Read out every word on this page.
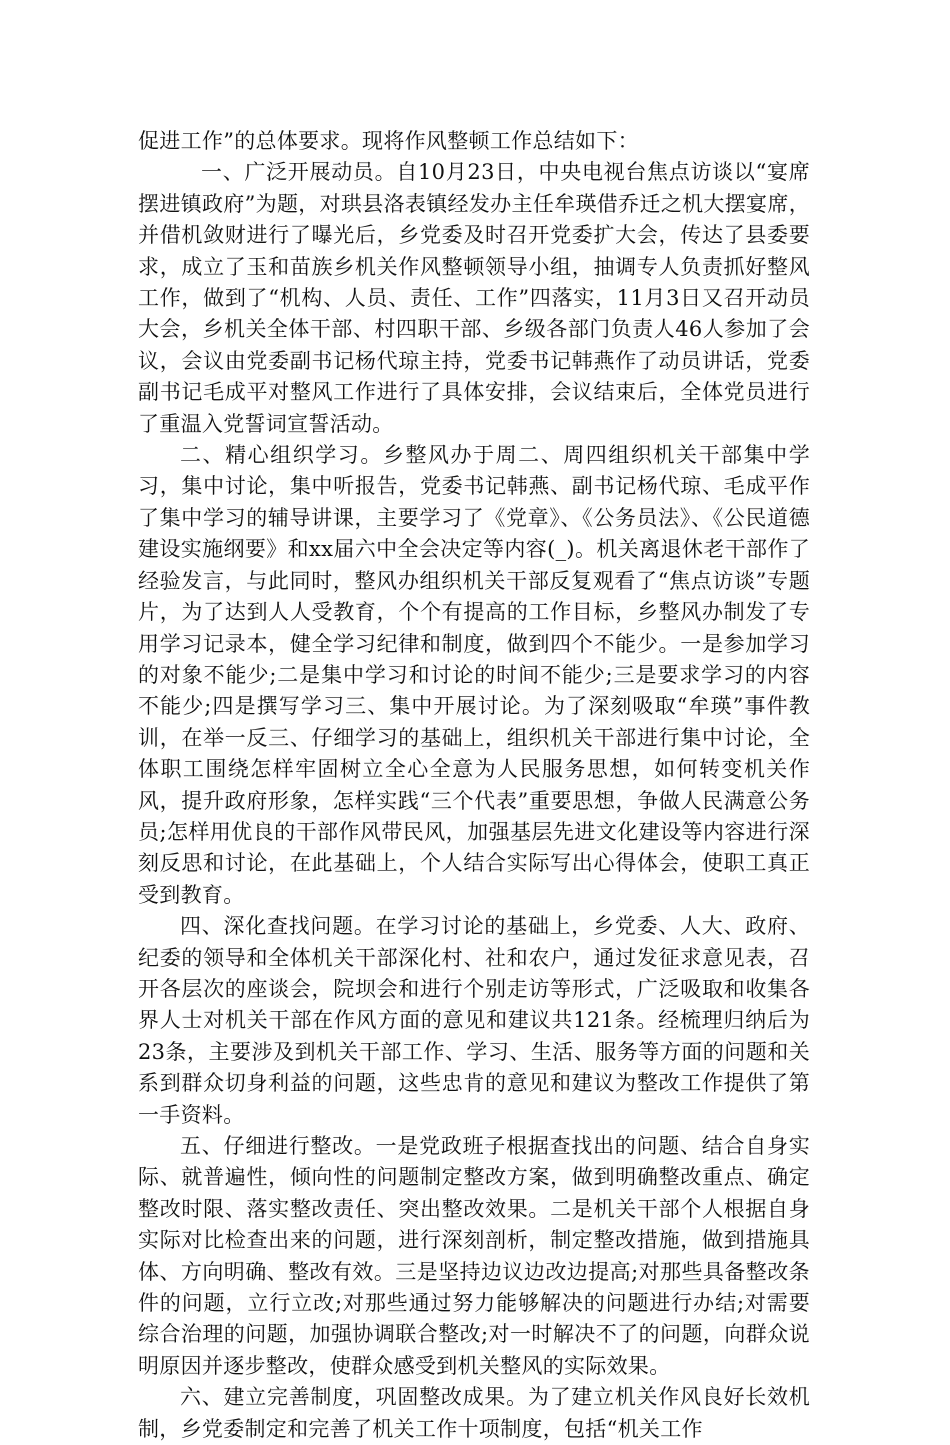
促进工作”的总体要求。现将作风整顿工作总结如下：

一、广泛开展动员。自10月23日，中央电视台焦点访谈以“宴席摆进镇政府”为题，对珙县洛表镇经发办主任牟瑛借乔迁之机大摆宴席，并借机敛财进行了曝光后，乡党委及时召开党委扩大会，传达了县委要求，成立了玉和苗族乡机关作风整顿领导小组，抽调专人负责抓好整风工作，做到了“机构、人员、责任、工作”四落实，11月3日又召开动员大会，乡机关全体干部、村四职干部、乡级各部门负责人46人参加了会议，会议由党委副书记杨代琼主持，党委书记韩燕作了动员讲话，党委副书记毛成平对整风工作进行了具体安排，会议结束后，全体党员进行了重温入党誓词宣誓活动。

二、精心组织学习。乡整风办于周二、周四组织机关干部集中学习，集中讨论，集中听报告，党委书记韩燕、副书记杨代琼、毛成平作了集中学习的辅导讲课，主要学习了《党章》、《公务员法》、《公民道德建设实施纲要》和xx届六中全会决定等内容(_)。机关离退休老干部作了经验发言，与此同时，整风办组织机关干部反复观看了“焦点访谈”专题片，为了达到人人受教育，个个有提高的工作目标，乡整风办制发了专用学习记录本，健全学习纪律和制度，做到四个不能少。一是参加学习的对象不能少;二是集中学习和讨论的时间不能少;三是要求学习的内容不能少;四是撰写学习三、集中开展讨论。为了深刻吸取“牟瑛”事件教训，在举一反三、仔细学习的基础上，组织机关干部进行集中讨论，全体职工围绕怎样牢固树立全心全意为人民服务思想，如何转变机关作风，提升政府形象，怎样实践“三个代表”重要思想，争做人民满意公务员;怎样用优良的干部作风带民风，加强基层先进文化建设等内容进行深刻反思和讨论，在此基础上，个人结合实际写出心得体会，使职工真正受到教育。

四、深化查找问题。在学习讨论的基础上，乡党委、人大、政府、纪委的领导和全体机关干部深化村、社和农户，通过发征求意见表，召开各层次的座谈会，院坝会和进行个别走访等形式，广泛吸取和收集各界人士对机关干部在作风方面的意见和建议共121条。经梳理归纳后为23条，主要涉及到机关干部工作、学习、生活、服务等方面的问题和关系到群众切身利益的问题，这些忠肯的意见和建议为整改工作提供了第一手资料。

五、仔细进行整改。一是党政班子根据查找出的问题、结合自身实际、就普遍性，倾向性的问题制定整改方案，做到明确整改重点、确定整改时限、落实整改责任、突出整改效果。二是机关干部个人根据自身实际对比检查出来的问题，进行深刻剖析，制定整改措施，做到措施具体、方向明确、整改有效。三是坚持边议边改边提高;对那些具备整改条件的问题，立行立改;对那些通过努力能够解决的问题进行办结;对需要综合治理的问题，加强协调联合整改;对一时解决不了的问题，向群众说明原因并逐步整改，使群众感受到机关整风的实际效果。

六、建立完善制度，巩固整改成果。为了建立机关作风良好长效机制，乡党委制定和完善了机关工作十项制度，包括“机关工作
